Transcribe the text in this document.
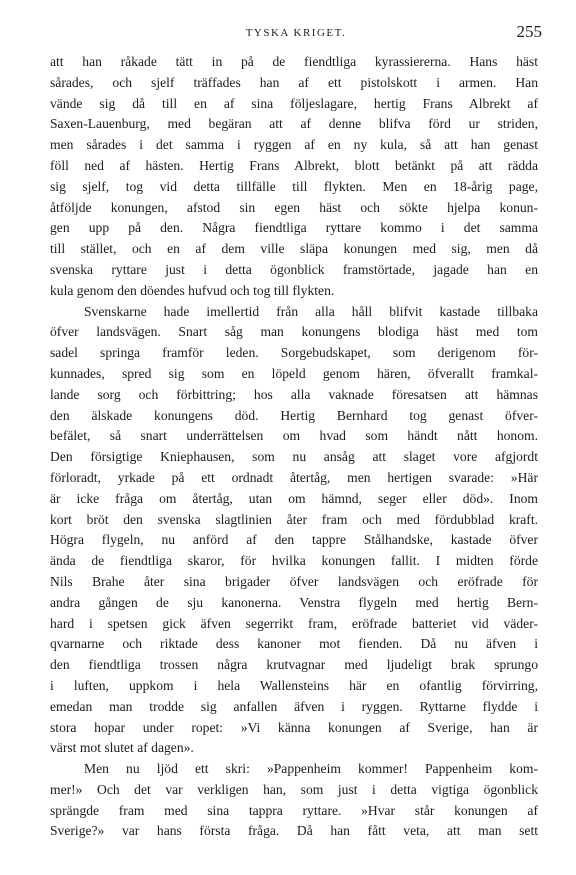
TYSKA KRIGET.	255
att han råkade tätt in på de fiendtliga kyrassiererna. Hans häst
sårades, och sjelf träffades han af ett pistolskott i armen. Han
vände sig då till en af sina följeslagare, hertig Frans Albrekt af
Saxen-Lauenburg, med begäran att af denne blifva förd ur striden,
men sårades i det samma i ryggen af en ny kula, så att han genast
föll ned af hästen. Hertig Frans Albrekt, blott betänkt på att rädda
sig sjelf, tog vid detta tillfälle till flykten. Men en 18-årig page,
åtföljde konungen, afstod sin egen häst och sökte hjelpa konun-
gen upp på den. Några fiendtliga ryttare kommo i det samma
till stället, och en af dem ville släpa konungen med sig, men då
svenska ryttare just i detta ögonblick framstörtade, jagade han en
kula genom den döendes hufvud och tog till flykten.
Svenskarne hade imellertid från alla håll blifvit kastade tillbaka
öfver landsvägen. Snart såg man konungens blodiga häst med tom
sadel springa framför leden. Sorgebudskapet, som derigenom för-
kunnades, spred sig som en löpeld genom hären, öfverallt framkal-
lande sorg och förbittring; hos alla vaknade föresatsen att hämnas
den älskade konungens död. Hertig Bernhard tog genast öfver-
befälet, så snart underrättelsen om hvad som händt nått honom.
Den försigtige Kniephausen, som nu ansåg att slaget vore afgjordt
förloradt, yrkade på ett ordnadt återtåg, men hertigen svarade: »Här
är icke fråga om återtåg, utan om hämnd, seger eller död». Inom
kort bröt den svenska slagtlinien åter fram och med fördubblad kraft.
Högra flygeln, nu anförd af den tappre Stålhandske, kastade öfver
ända de fiendtliga skaror, för hvilka konungen fallit. I midten förde
Nils Brahe åter sina brigader öfver landsvägen och eröfrade för
andra gången de sju kanonerna. Venstra flygeln med hertig Bern-
hard i spetsen gick äfven segerrikt fram, eröfrade batteriet vid väder-
qvarnarne och riktade dess kanoner mot fienden. Då nu äfven i
den fiendtliga trossen några krutvagnar med ljudeligt brak sprungo
i luften, uppkom i hela Wallensteins här en ofantlig förvirring,
emedan man trodde sig anfallen äfven i ryggen. Ryttarne flydde i
stora hopar under ropet: »Vi känna konungen af Sverige, han är
värst mot slutet af dagen».
Men nu ljöd ett skri: »Pappenheim kommer! Pappenheim kom-
mer!» Och det var verkligen han, som just i detta vigtiga ögonblick
sprängde fram med sina tappra ryttare. »Hvar står konungen af
Sverige?» var hans första fråga. Då han fått veta, att man sett
